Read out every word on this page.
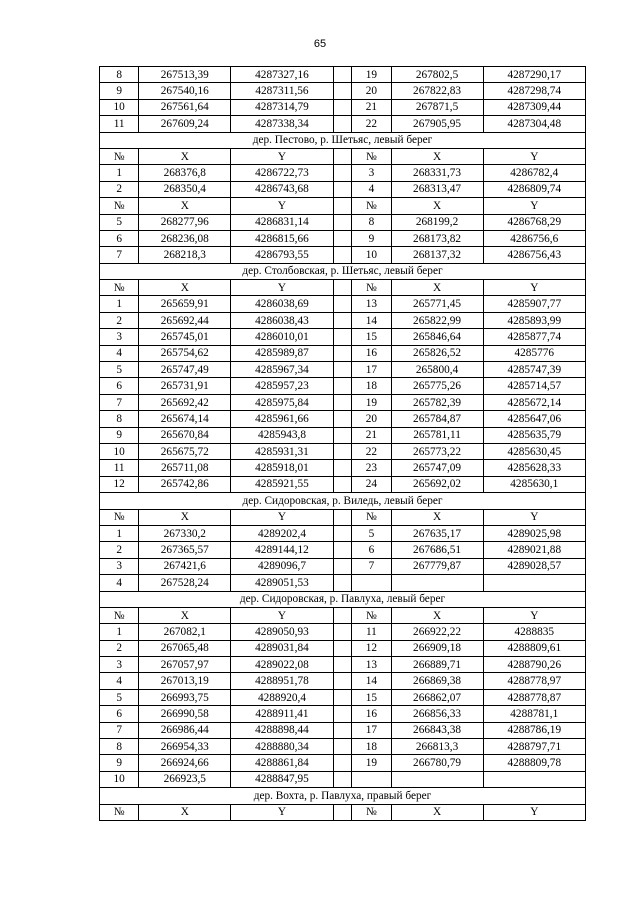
65
8	267513,39	4287327,16		19	267802,5	4287290,17
9	267540,16	4287311,56		20	267822,83	4287298,74
10	267561,64	4287314,79		21	267871,5	4287309,44
11	267609,24	4287338,34		22	267905,95	4287304,48
дер. Пестово, р. Шетьяс, левый берег						
№	X	Y		№	X	Y
1	268376,8	4286722,73		3	268331,73	4286782,4
2	268350,4	4286743,68		4	268313,47	4286809,74
№	X	Y		№	X	Y
5	268277,96	4286831,14		8	268199,2	4286768,29
6	268236,08	4286815,66		9	268173,82	4286756,6
7	268218,3	4286793,55		10	268137,32	4286756,43
дер. Столбовская, р. Шетьяс, левый берег						
№	X	Y		№	X	Y
1	265659,91	4286038,69		13	265771,45	4285907,77
2	265692,44	4286038,43		14	265822,99	4285893,99
3	265745,01	4286010,01		15	265846,64	4285877,74
4	265754,62	4285989,87		16	265826,52	4285776
5	265747,49	4285967,34		17	265800,4	4285747,39
6	265731,91	4285957,23		18	265775,26	4285714,57
7	265692,42	4285975,84		19	265782,39	4285672,14
8	265674,14	4285961,66		20	265784,87	4285647,06
9	265670,84	4285943,8		21	265781,11	4285635,79
10	265675,72	4285931,31		22	265773,22	4285630,45
11	265711,08	4285918,01		23	265747,09	4285628,33
12	265742,86	4285921,55		24	265692,02	4285630,1
дер. Сидоровская, р. Виледь, левый берег						
№	X	Y		№	X	Y
1	267330,2	4289202,4		5	267635,17	4289025,98
2	267365,57	4289144,12		6	267686,51	4289021,88
3	267421,6	4289096,7		7	267779,87	4289028,57
4	267528,24	4289051,53				
дер. Сидоровская, р. Павлуха, левый берег						
№	X	Y		№	X	Y
1	267082,1	4289050,93		11	266922,22	4288835
2	267065,48	4289031,84		12	266909,18	4288809,61
3	267057,97	4289022,08		13	266889,71	4288790,26
4	267013,19	4288951,78		14	266869,38	4288778,97
5	266993,75	4288920,4		15	266862,07	4288778,87
6	266990,58	4288911,41		16	266856,33	4288781,1
7	266986,44	4288898,44		17	266843,38	4288786,19
8	266954,33	4288880,34		18	266813,3	4288797,71
9	266924,66	4288861,84		19	266780,79	4288809,78
10	266923,5	4288847,95				
дер. Вохта, р. Павлуха, правый берег						
№	X	Y		№	X	Y
